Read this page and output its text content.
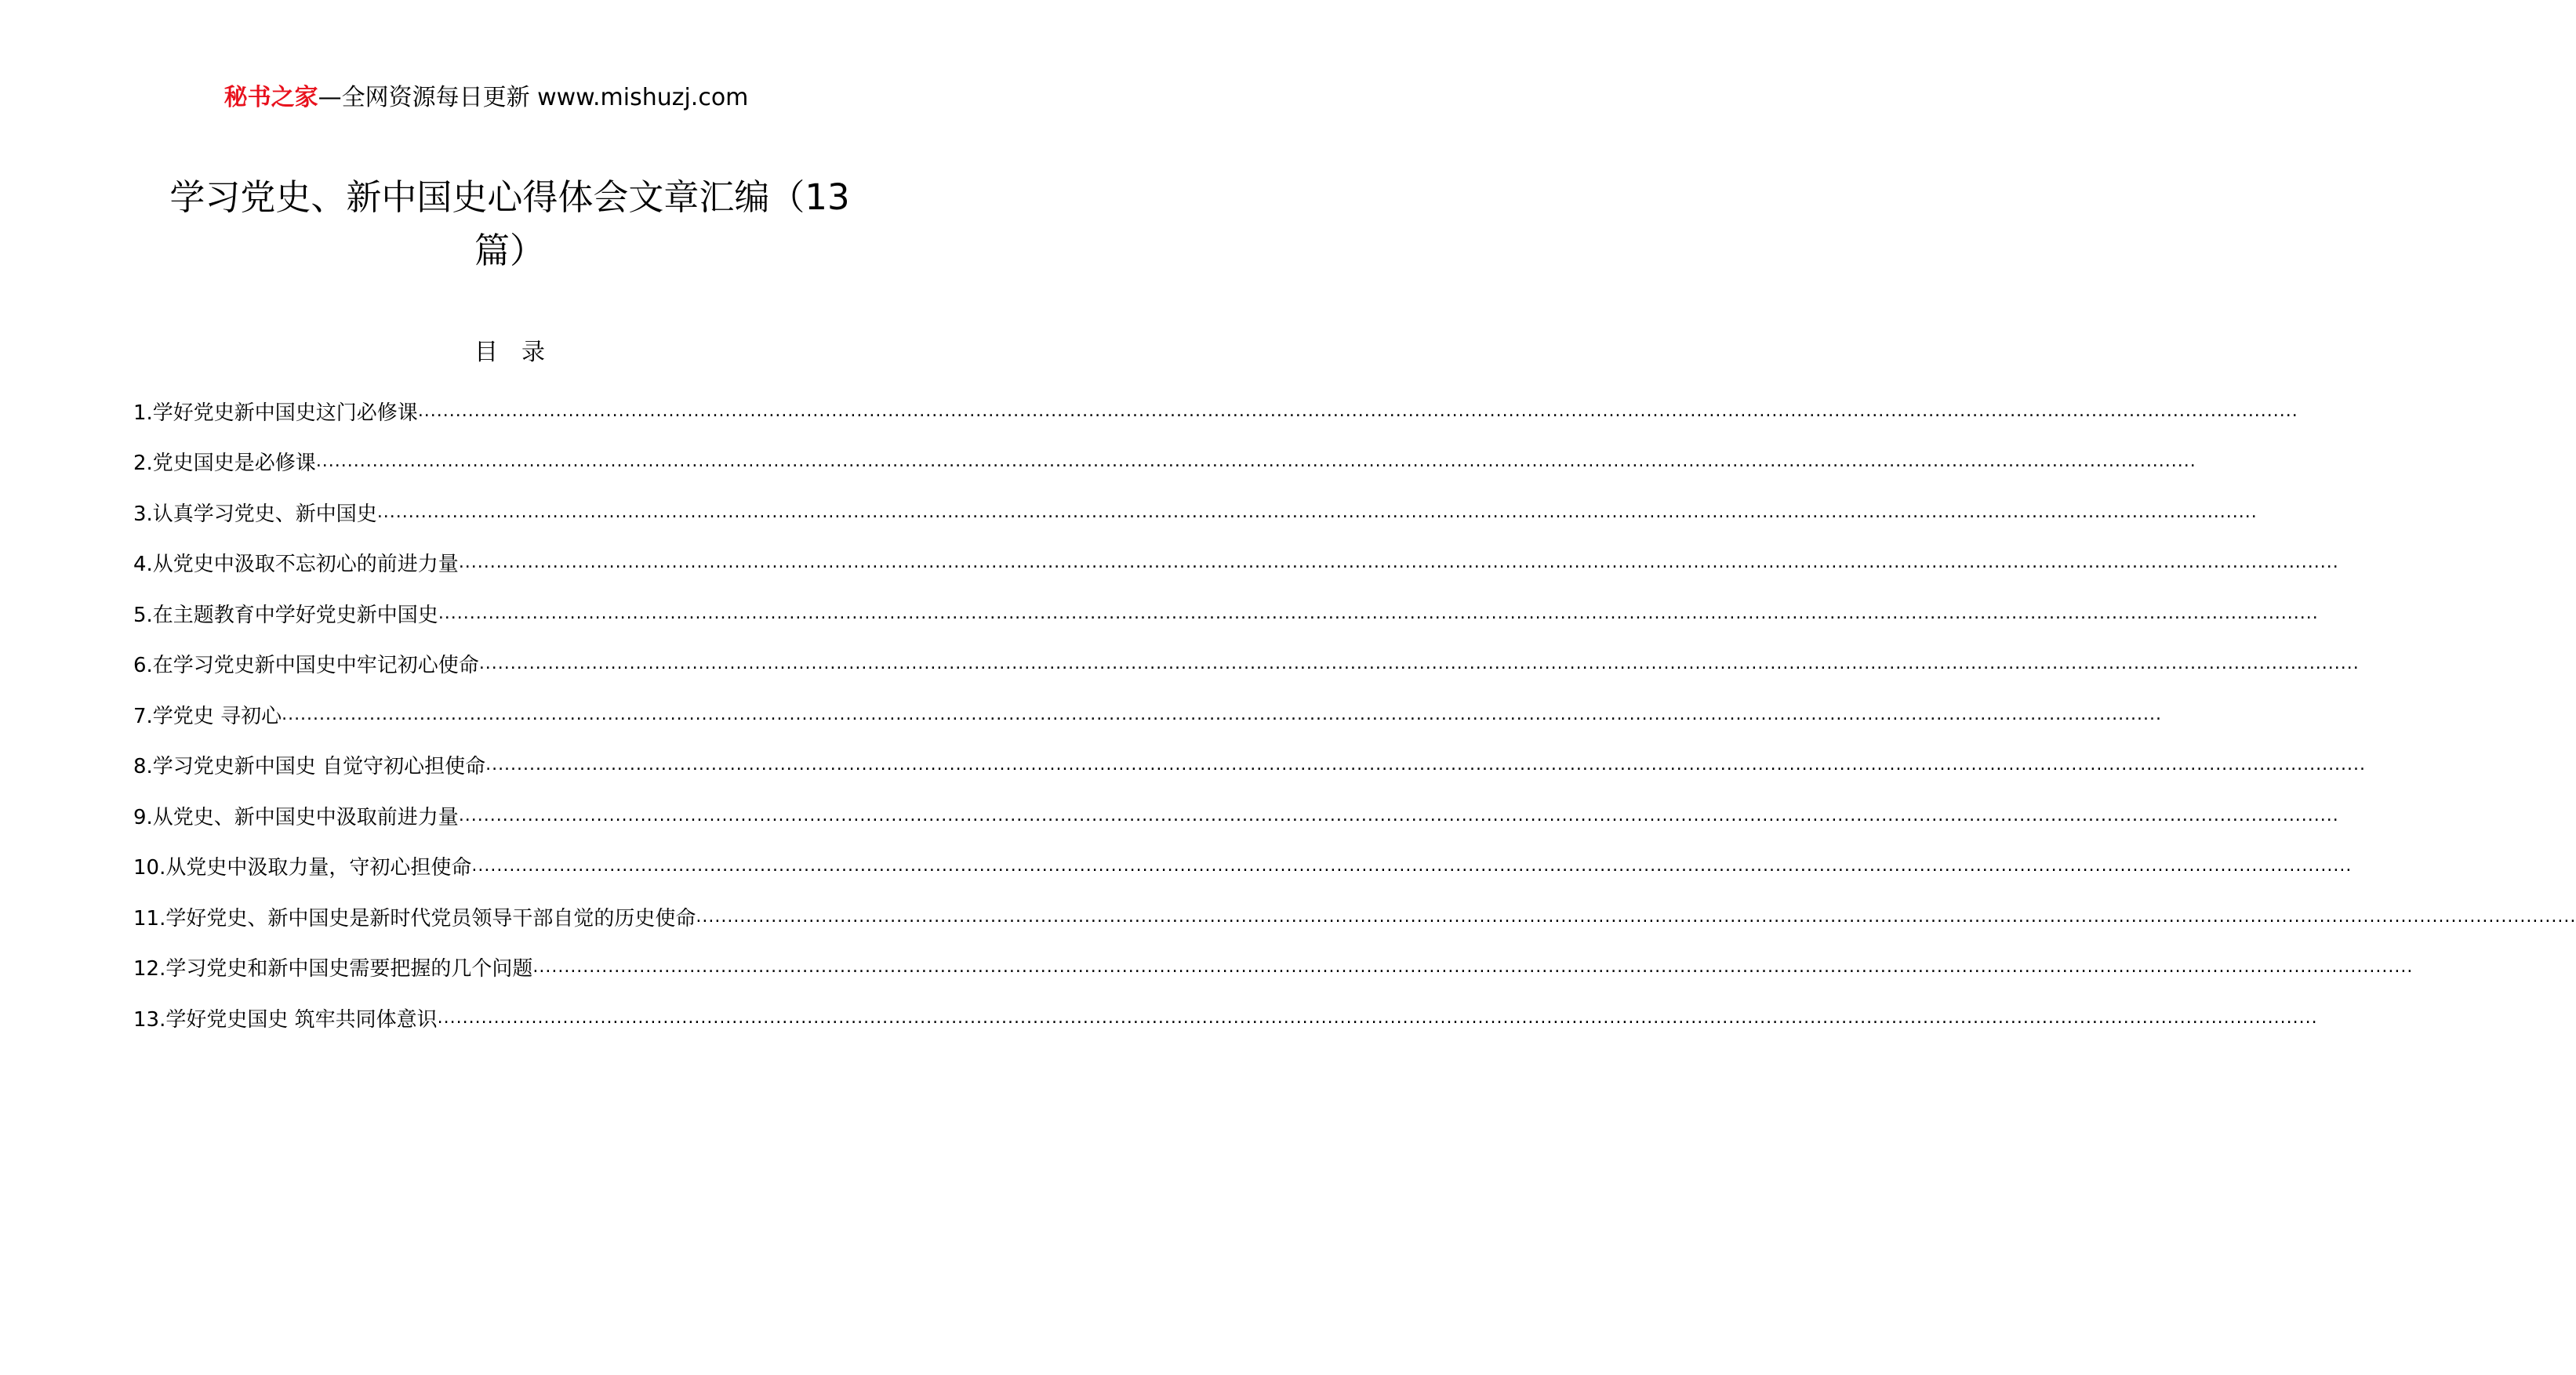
秘书之家—全网资源每日更新 www.mishuzj.com
学习党史、新中国史心得体会文章汇编（13
篇）
目　录
1.学好党史新中国史这门必修课 ............................................................................................................................................................................................................................................................................................................
2.党史国史是必修课 ............................................................................................................................................................................................................................................................................................................
3.认真学习党史、新中国史 ............................................................................................................................................................................................................................................................................................................
4.从党史中汲取不忘初心的前进力量 ............................................................................................................................................................................................................................................................................................................
5.在主题教育中学好党史新中国史 ............................................................................................................................................................................................................................................................................................................
6.在学习党史新中国史中牢记初心使命 ............................................................................................................................................................................................................................................................................................................
7.学党史 寻初心 ............................................................................................................................................................................................................................................................................................................
8.学习党史新中国史 自觉守初心担使命 ............................................................................................................................................................................................................................................................................................................
9.从党史、新中国史中汲取前进力量 ............................................................................................................................................................................................................................................................................................................
10.从党史中汲取力量，守初心担使命 ............................................................................................................................................................................................................................................................................................................
11.学好党史、新中国史是新时代党员领导干部自觉的历史使命 ............................................................................................................................................................................................................................................................................................................
12.学习党史和新中国史需要把握的几个问题 ............................................................................................................................................................................................................................................................................................................
13.学好党史国史 筑牢共同体意识 ............................................................................................................................................................................................................................................................................................................
